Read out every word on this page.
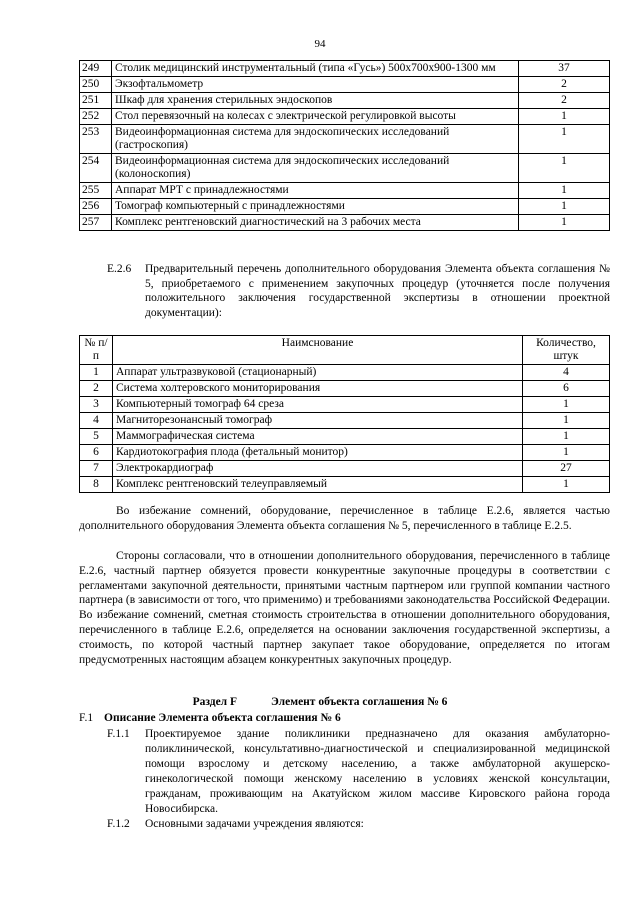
94
249	Столик медицинский инструментальный (типа «Гусь») 500х700х900-1300 мм	37
250	Экзофтальмометр	2
251	Шкаф для хранения стерильных эндоскопов	2
252	Стол перевязочный на колесах с электрической регулировкой высоты	1
253	Видеоинформационная система для эндоскопических исследований (гастроскопия)	1
254	Видеоинформационная система для эндоскопических исследований (колоноскопия)	1
255	Аппарат МРТ с принадлежностями	1
256	Томограф компьютерный с принадлежностями	1
257	Комплекс рентгеновский диагностический на 3 рабочих места	1
E.2.6 Предварительный перечень дополнительного оборудования Элемента объекта соглашения № 5, приобретаемого с применением закупочных процедур (уточняется после получения положительного заключения государственной экспертизы в отношении проектной документации):
№ п/п	Наимснование	Количество, штук
1	Аппарат ультразвуковой (стационарный)	4
2	Система холтеровского мониторирования	6
3	Компьютерный томограф 64 среза	1
4	Магниторезонансный томограф	1
5	Маммографическая система	1
6	Кардиотокография плода (фетальный монитор)	1
7	Электрокардиограф	27
8	Комплекс рентгеновский телеуправляемый	1

Во избежание сомнений, оборудование, перечисленное в таблице E.2.6, является частью дополнительного оборудования Элемента объекта соглашения № 5, перечисленного в таблице E.2.5.

Стороны согласовали, что в отношении дополнительного оборудования, перечисленного в таблице E.2.6, частный партнер обязуется провести конкурентные закупочные процедуры в соответствии с регламентами закупочной деятельности, принятыми частным партнером или группой компании частного партнера (в зависимости от того, что применимо) и требованиями законодательства Российской Федерации. Во избежание сомнений, сметная стоимость строительства в отношении дополнительного оборудования, перечисленного в таблице E.2.6, определяется на основании заключения государственной экспертизы, а стоимость, по которой частный партнер закупает такое оборудование, определяется по итогам предусмотренных настоящим абзацем конкурентных закупочных процедур.

Раздел F	Элемент объекта соглашения № 6
F.1 Описание Элемента объекта соглашения № 6
F.1.1 Проектируемое здание поликлиники предназначено для оказания амбулаторно-поликлинической, консультативно-диагностической и специализированной медицинской помощи взрослому и детскому населению, а также амбулаторной акушерско-гинекологической помощи женскому населению в условиях женской консультации, гражданам, проживающим на Акатуйском жилом массиве Кировского района города Новосибирска.
F.1.2 Основными задачами учреждения являются:
